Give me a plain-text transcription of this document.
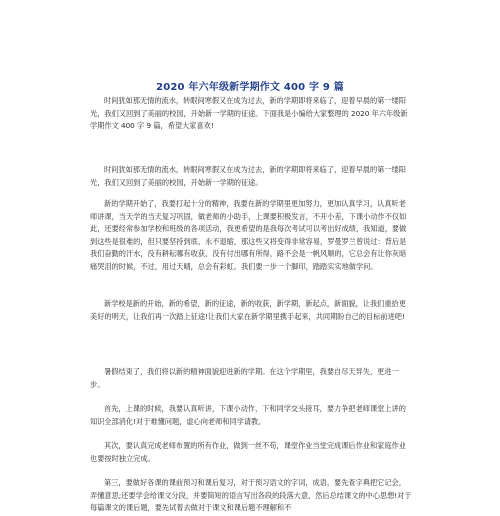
2020 年六年级新学期作文 400 字 9 篇

时间犹如那无情的流水，转眼间寒假又在成为过去，新的学期即将来临了，迎着早晨的第一缕阳光，我们又回到了美丽的校园，开始新一学期的征途。下面我是小编给大家整理的 2020 年六年级新学期作文 400 字 9 篇，希望大家喜欢!

时间犹如那无情的流水，转眼间寒假又在成为过去，新的学期即将来临了，迎着早晨的第一缕阳光，我们又回到了美丽的校园，开始新一学期的征途。

新的学期开始了，我要打起十分的精神，我要在新的学期里更加努力，更加认真学习，认真听老师讲课，当天学的当天复习巩固，做老师的小助手，上课要积极发言，不开小差，下课小动作不仅如此，还要经常参加学校和班级的各项活动，我更希望的是我每次考试可以考出好成绩，我知道，要做到这些是很难的，但只要坚持到底，永不退缩，那这些又将变得非常容易，罗曼罗兰曾说过：背后是我们奋勤的汗水，没有耕耘哪有收获，没有付出哪有所得，路不会是一帆风顺的，它总会有让你灰暗痛哭泪的时候，不过，用过天晴，总会有彩虹。我们要一步一个脚印，踏踏实实地做学问。

新学校是新的开始，新的希望，新的征途，新的收获，新学期，新起点，新面貌，让我们重拾更美好的明天，让我们再一次踏上征途!让我们大家在新学期里携手起来，共同期盼自己的目标前进吧!

暑假结束了，我们将以新的精神面貌迎进新的学期。在这个学期里，我要自尽天异失，更进一步。

首先，上课的时候，我要认真听讲，下课小动作，下和同学交头接耳，要力争把老师课堂上讲的知识全部消化!对于难懂问题，虚心向老师和同学请教。

其次，要认真完成老师布置的所有作业，做到一丝不苟，课堂作业当堂完成课后作业和家庭作业也要按时独立完成。

第三，要做好各课的课前预习和课后复习，对于预习语文的字词，成语，要先查字典把它记会，弄懂意思;还要学会给课文分段，并要简短的语言写出各段的段落大意，然后总结课文的中心思想!对于每篇课文的课后题，要先试着去做对于课文和课后题不理解和不
